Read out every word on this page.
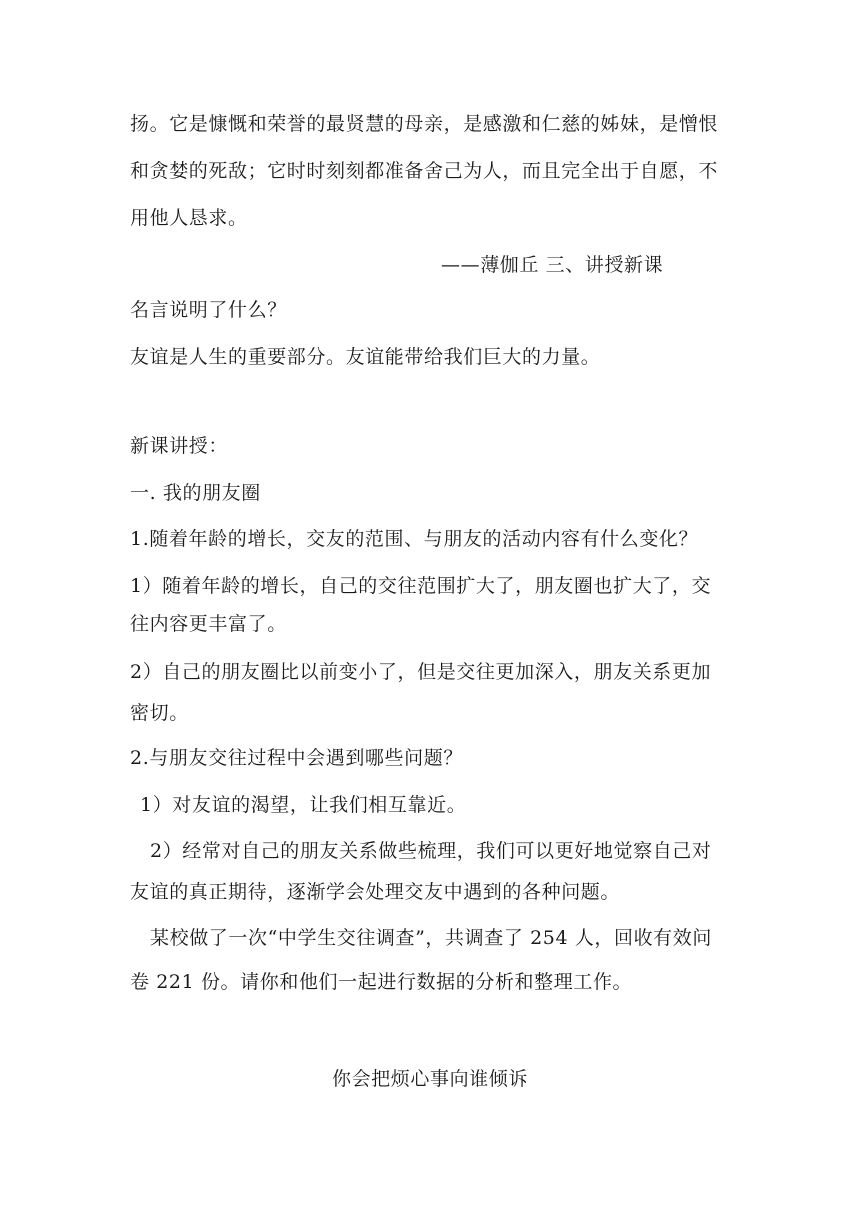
扬。它是慷慨和荣誉的最贤慧的母亲，是感激和仁慈的姊妹，是憎恨
和贪婪的死敌；它时时刻刻都准备舍己为人，而且完全出于自愿，不
用他人恳求。
——薄伽丘 三、讲授新课
名言说明了什么？
友谊是人生的重要部分。友谊能带给我们巨大的力量。
新课讲授：
一. 我的朋友圈
1.随着年龄的增长，交友的范围、与朋友的活动内容有什么变化？
1）随着年龄的增长，自己的交往范围扩大了，朋友圈也扩大了，交
往内容更丰富了。
2）自己的朋友圈比以前变小了，但是交往更加深入，朋友关系更加
密切。
2.与朋友交往过程中会遇到哪些问题？
1）对友谊的渴望，让我们相互靠近。
2）经常对自己的朋友关系做些梳理，我们可以更好地觉察自己对
友谊的真正期待，逐渐学会处理交友中遇到的各种问题。
某校做了一次“中学生交往调查”，共调查了 254 人，回收有效问
卷 221 份。请你和他们一起进行数据的分析和整理工作。
你会把烦心事向谁倾诉
